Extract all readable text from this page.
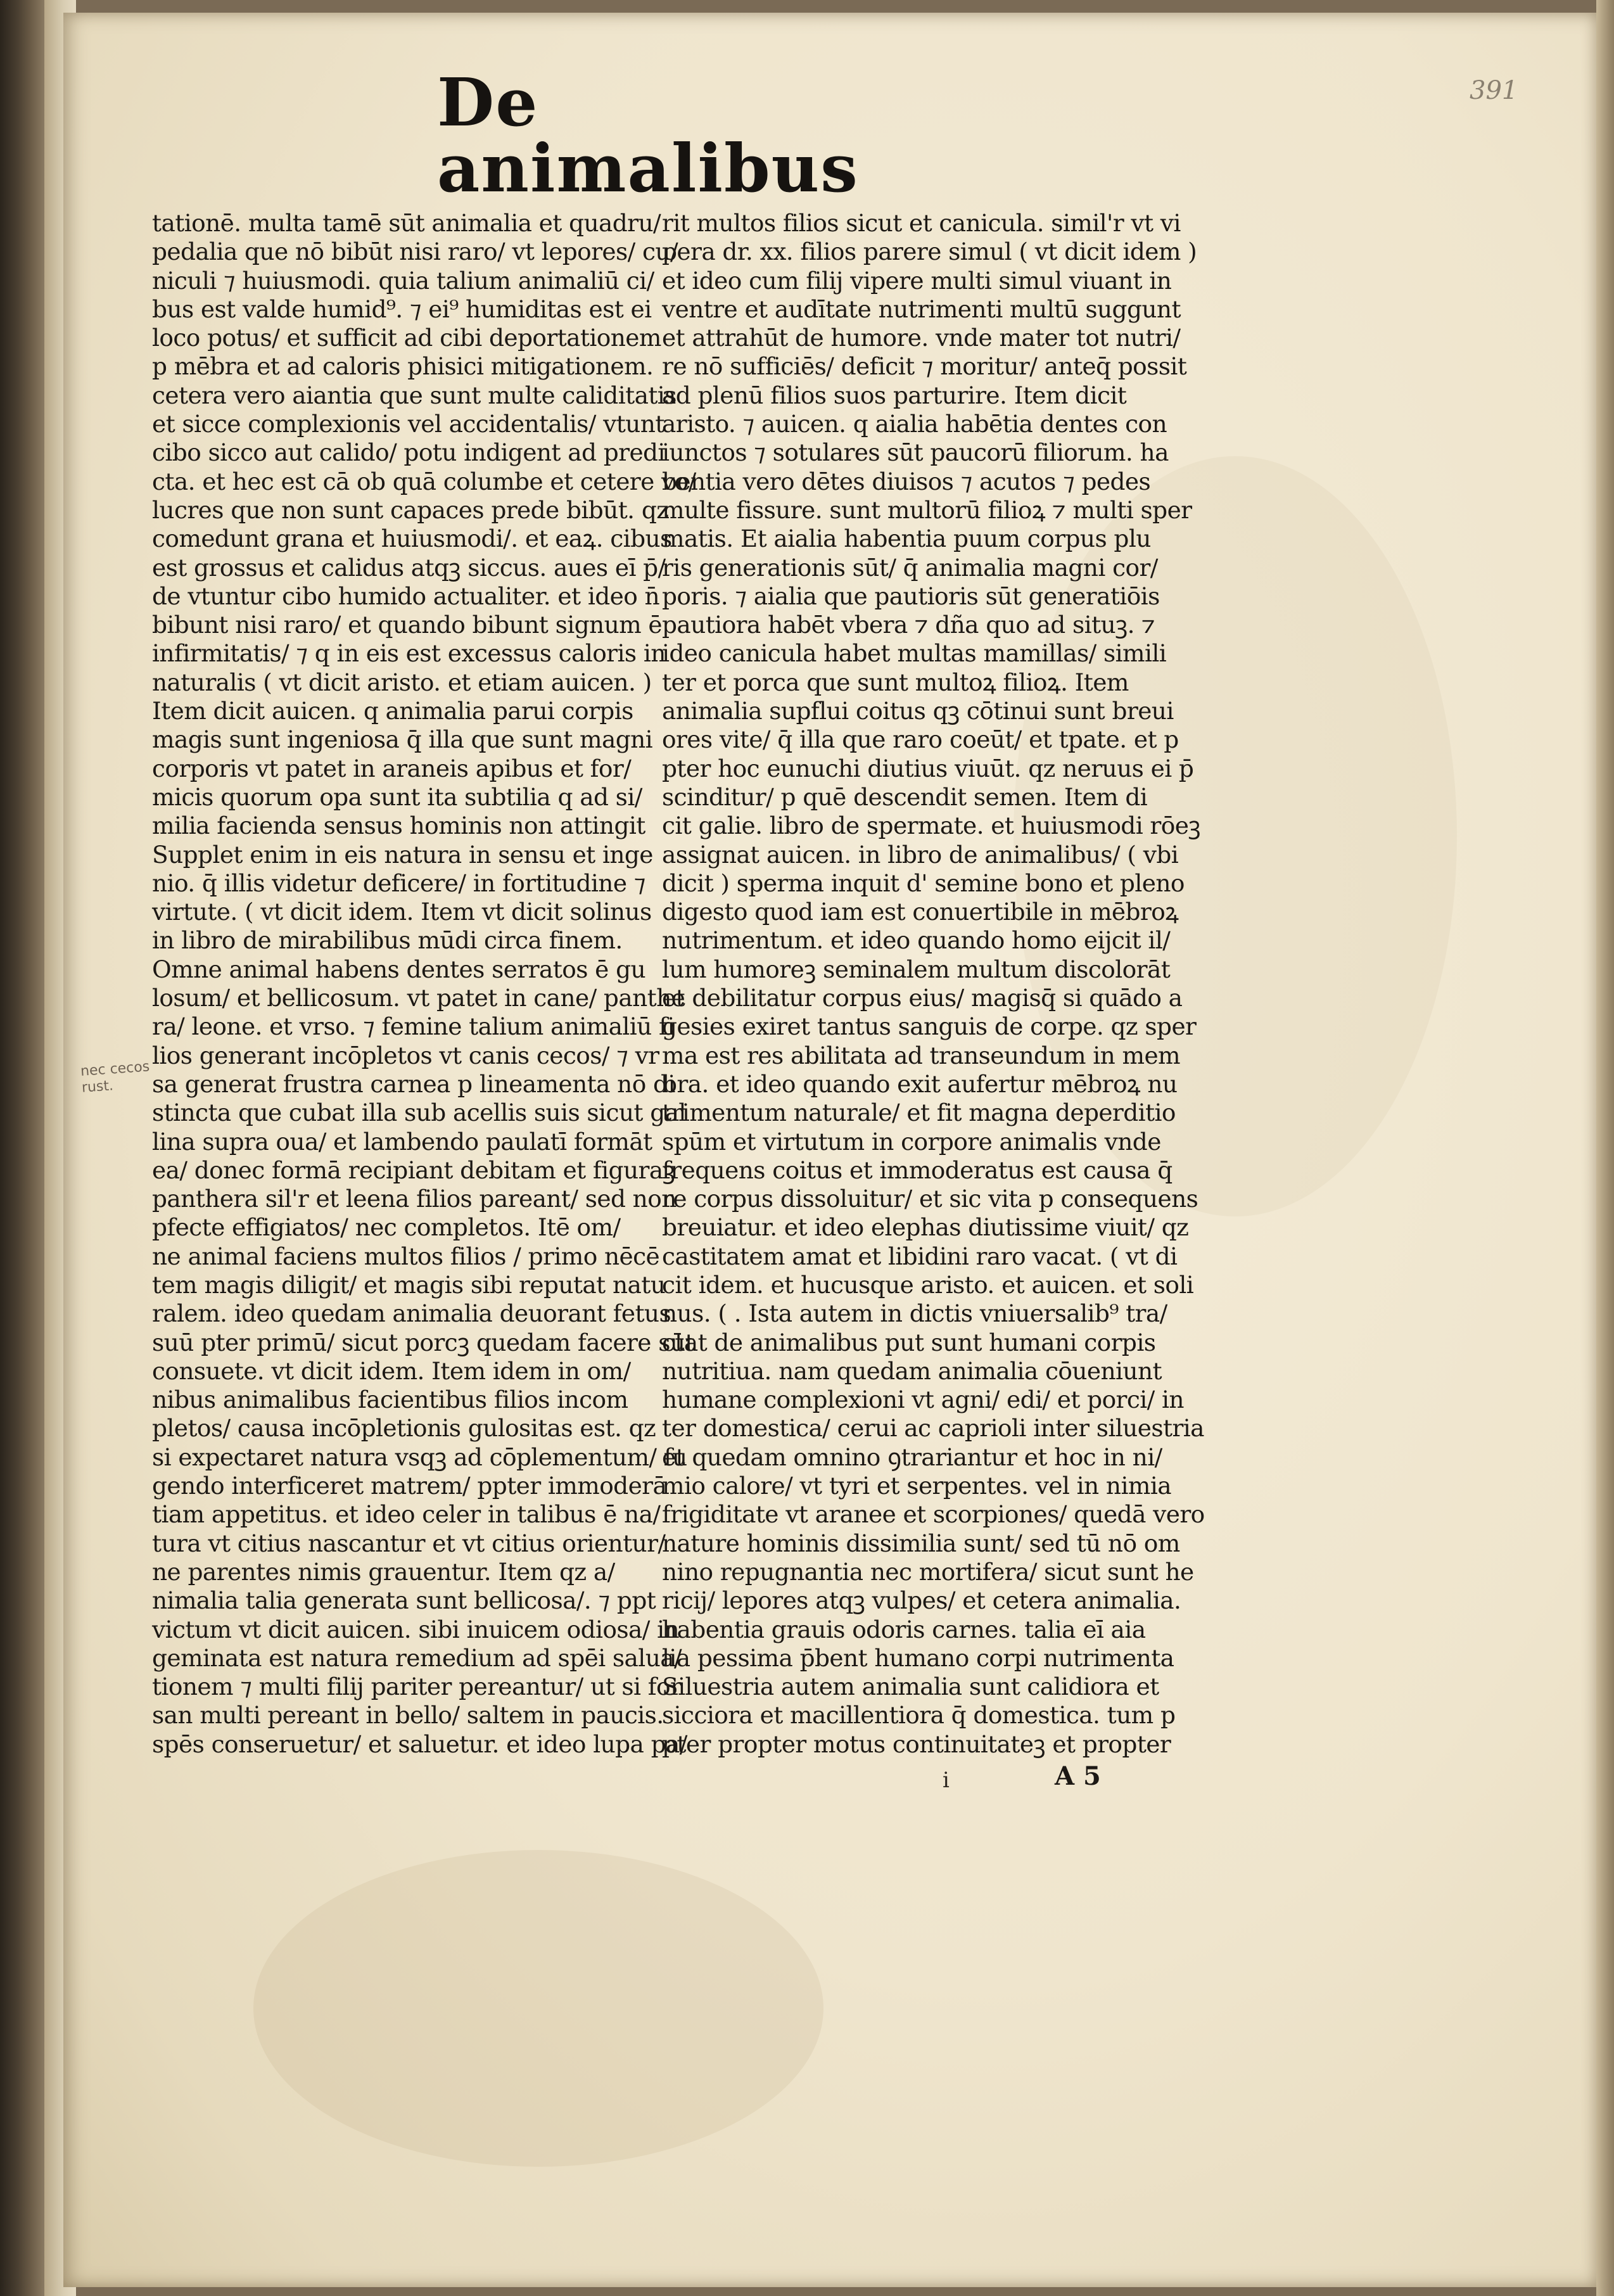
391
De animalibus
tationē. multa tamē sūt animalia et quadru/
pedalia que nō bibūt nisi raro/ vt lepores/ cu/
niculi ⁊ huiusmodi. quia talium animaliū ci/
bus est valde humid⁹. ⁊ ei⁹ humiditas est ei
loco potus/ et sufficit ad cibi deportationem
p mēbra et ad caloris phisici mitigationem.
cetera vero aiantia que sunt multe caliditatis
et sicce complexionis vel accidentalis/ vtunt
cibo sicco aut calido/ potu indigent ad predi
cta. et hec est cā ob quā columbe et cetere vo/
lucres que non sunt capaces prede bibūt. qz
comedunt grana et huiusmodi/. et eaꝝ. cibus
est grossus et calidus atqꝫ siccus. aues eī p̄/
de vtuntur cibo humido actualiter. et ideo n̄
bibunt nisi raro/ et quando bibunt signum ē
infirmitatis/ ⁊ q in eis est excessus caloris in
naturalis ( vt dicit aristo. et etiam auicen. )
Item dicit auicen. q animalia parui corpis
magis sunt ingeniosa q̄ illa que sunt magni
corporis vt patet in araneis apibus et for/
micis quorum opa sunt ita subtilia q ad si/
milia facienda sensus hominis non attingit
Supplet enim in eis natura in sensu et inge
nio. q̄ illis videtur deficere/ in fortitudine ⁊
virtute. ( vt dicit idem. Item vt dicit solinus
in libro de mirabilibus mūdi circa finem.
Omne animal habens dentes serratos ē gu
losum/ et bellicosum. vt patet in cane/ panthe
ra/ leone. et vrso. ⁊ femine talium animaliū fi
lios generant incōpletos vt canis cecos/ ⁊ vr
sa generat frustra carnea p lineamenta nō di
stincta que cubat illa sub acellis suis sicut gal
lina supra oua/ et lambendo paulatī formāt
ea/ donec formā recipiant debitam et figuraꝫ
panthera sil'r et leena filios pareant/ sed non
pfecte effigiatos/ nec completos. Itē om/
ne animal faciens multos filios / primo nēcē
tem magis diligit/ et magis sibi reputat natu
ralem. ideo quedam animalia deuorant fetus
suū pter primū/ sicut porcꝫ quedam facere sūt
consuete. vt dicit idem. Item idem in om/
nibus animalibus facientibus filios incom
pletos/ causa incōpletionis gulositas est. qz
si expectaret natura vsqꝫ ad cōplementum/ fu
gendo interficeret matrem/ ppter immoderā
tiam appetitus. et ideo celer in talibus ē na/
tura vt citius nascantur et vt citius orientur/
ne parentes nimis grauentur. Item qz a/
nimalia talia generata sunt bellicosa/. ⁊ ppt
victum vt dicit auicen. sibi inuicem odiosa/ in
geminata est natura remedium ad spēi salua/
tionem ⁊ multi filij pariter pereantur/ ut si for
san multi pereant in bello/ saltem in paucis.
spēs conseruetur/ et saluetur. et ideo lupa pa/
rit multos filios sicut et canicula. simil'r vt vi
pera dr. xx. filios parere simul ( vt dicit idem )
et ideo cum filij vipere multi simul viuant in
ventre et audītate nutrimenti multū suggunt
et attrahūt de humore. vnde mater tot nutri/
re nō sufficiēs/ deficit ⁊ moritur/ anteq̄ possit
ad plenū filios suos parturire. Item dicit
aristo. ⁊ auicen. q aialia habētia dentes con
iunctos ⁊ sotulares sūt paucorū filiorum. ha
bentia vero dētes diuisos ⁊ acutos ⁊ pedes
multe fissure. sunt multorū filioꝝ ⁊ multi sper
matis. Et aialia habentia puum corpus plu
ris generationis sūt/ q̄ animalia magni cor/
poris. ⁊ aialia que pautioris sūt generatiōis
pautiora habēt vbera ⁊ dña quo ad situꝫ. ⁊
ideo canicula habet multas mamillas/ simili
ter et porca que sunt multoꝝ filioꝝ. Item
animalia supflui coitus qꝫ cōtinui sunt breui
ores vite/ q̄ illa que raro coeūt/ et tpate. et p
pter hoc eunuchi diutius viuūt. qz neruus ei p̄
scinditur/ p quē descendit semen. Item di
cit galie. libro de spermate. et huiusmodi rōeꝫ
assignat auicen. in libro de animalibus/ ( vbi
dicit ) sperma inquit d' semine bono et pleno
digesto quod iam est conuertibile in mēbroꝝ
nutrimentum. et ideo quando homo eijcit il/
lum humoreꝫ seminalem multum discolorāt
et debilitatur corpus eius/ magisq̄ si quādo a
gesies exiret tantus sanguis de corpe. qz sper
ma est res abilitata ad transeundum in mem
bra. et ideo quando exit aufertur mēbroꝝ nu
trimentum naturale/ et fit magna deperditio
spūm et virtutum in corpore animalis vnde
frequens coitus et immoderatus est causa q̄
re corpus dissoluitur/ et sic vita p consequens
breuiatur. et ideo elephas diutissime viuit/ qz
castitatem amat et libidini raro vacat. ( vt di
cit idem. et hucusque aristo. et auicen. et soli
nus. ( . Ista autem in dictis vniuersalib⁹ tra/
ctat de animalibus put sunt humani corpis
nutritiua. nam quedam animalia cōueniunt
humane complexioni vt agni/ edi/ et porci/ in
ter domestica/ cerui ac caprioli inter siluestria
et quedam omnino ꝯtrariantur et hoc in ni/
mio calore/ vt tyri et serpentes. vel in nimia
frigiditate vt aranee et scorpiones/ quedā vero
nature hominis dissimilia sunt/ sed tū nō om
nino repugnantia nec mortifera/ sicut sunt he
ricij/ lepores atqꝫ vulpes/ et cetera animalia.
habentia grauis odoris carnes. talia eī aia
lia pessima p̄bent humano corpi nutrimenta
Siluestria autem animalia sunt calidiora et
sicciora et macillentiora q̄ domestica. tum p
pter propter motus continuitateꝫ et propter
nec cecos
rust.
i	A 5
